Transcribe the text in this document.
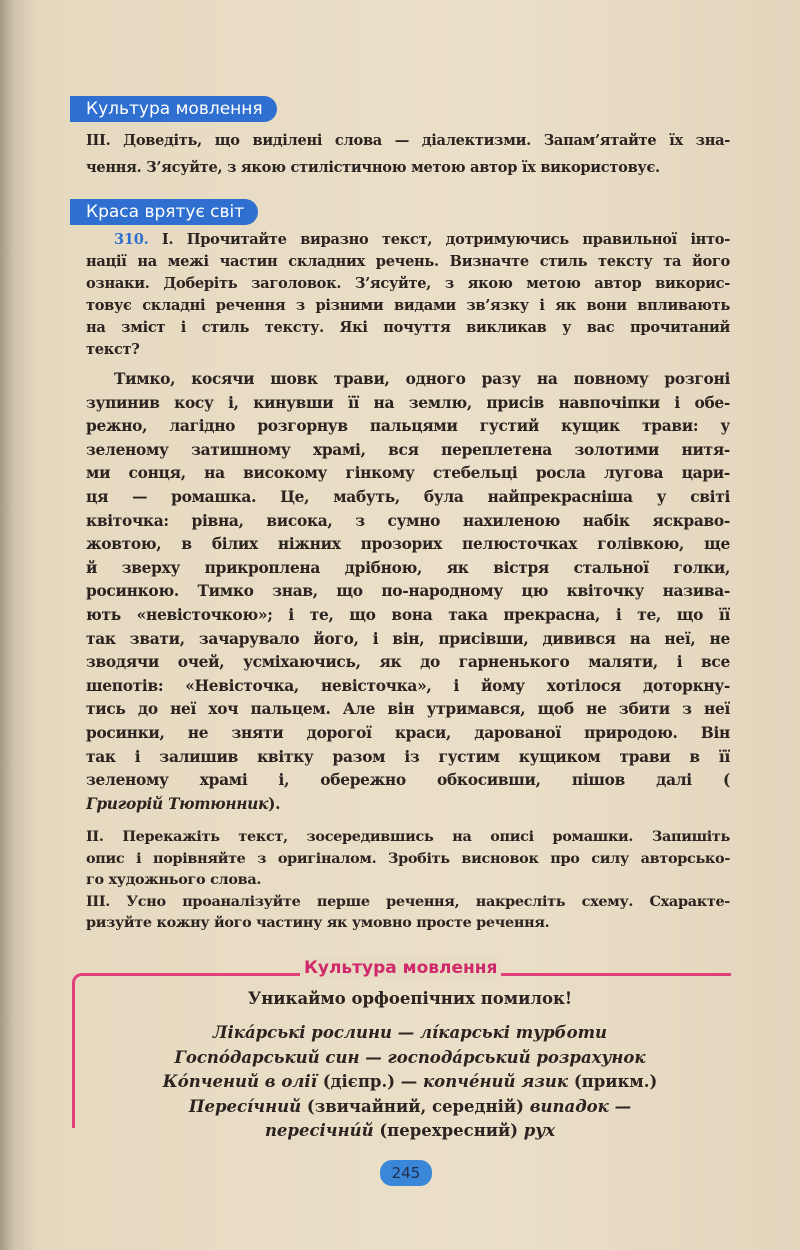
Культура мовлення
ІІІ. Доведіть, що виділені слова — діалектизми. Запам’ятайте їх зна-
чення. З’ясуйте, з якою стилістичною метою автор їх використовує.
Краса врятує світ
310. І. Прочитайте виразно текст, дотримуючись правильної інто-
нації на межі частин складних речень. Визначте стиль тексту та його
ознаки. Доберіть заголовок. З’ясуйте, з якою метою автор викорис-
товує складні речення з різними видами зв’язку і як вони впливають
на зміст і стиль тексту. Які почуття викликав у вас прочитаний
текст?
Тимко, косячи шовк трави, одного разу на повному розгоні
зупинив косу і, кинувши її на землю, присів навпочіпки і обе-
режно, лагідно розгорнув пальцями густий кущик трави: у
зеленому затишному храмі, вся переплетена золотими нитя-
ми сонця, на високому гінкому стебельці росла лугова цари-
ця — ромашка. Це, мабуть, була найпрекрасніша у світі
квіточка: рівна, висока, з сумно нахиленою набік яскраво-
жовтою, в білих ніжних прозорих пелюсточках голівкою, ще
й зверху прикроплена дрібною, як вістря стальної голки,
росинкою. Тимко знав, що по-народному цю квіточку назива-
ють «невісточкою»; і те, що вона така прекрасна, і те, що її
так звати, зачарувало його, і він, присівши, дивився на неї, не
зводячи очей, усміхаючись, як до гарненького маляти, і все
шепотів: «Невісточка, невісточка», і йому хотілося доторкну-
тись до неї хоч пальцем. Але він утримався, щоб не збити з неї
росинки, не зняти дорогої краси, дарованої природою. Він
так і залишив квітку разом із густим кущиком трави в її
зеленому храмі і, обережно обкосивши, пішов далі (
Григорій Тютюнник).
ІІ. Перекажіть текст, зосередившись на описі ромашки. Запишіть
опис і порівняйте з оригіналом. Зробіть висновок про силу авторсько-
го художнього слова.
ІІІ. Усно проаналізуйте перше речення, накресліть схему. Схаракте-
ризуйте кожну його частину як умовно просте речення.
Культура мовлення
Уникаймо орфоепічних помилок!
Лікáрські рослини — лíкарські турботи
Госпóдарський син — господáрський розрахунок
Кóпчений в олії (дієпр.) — копчéний язик (прикм.)
Пересíчний (звичайний, середній) випадок —
пересічнúй (перехресний) рух
245
